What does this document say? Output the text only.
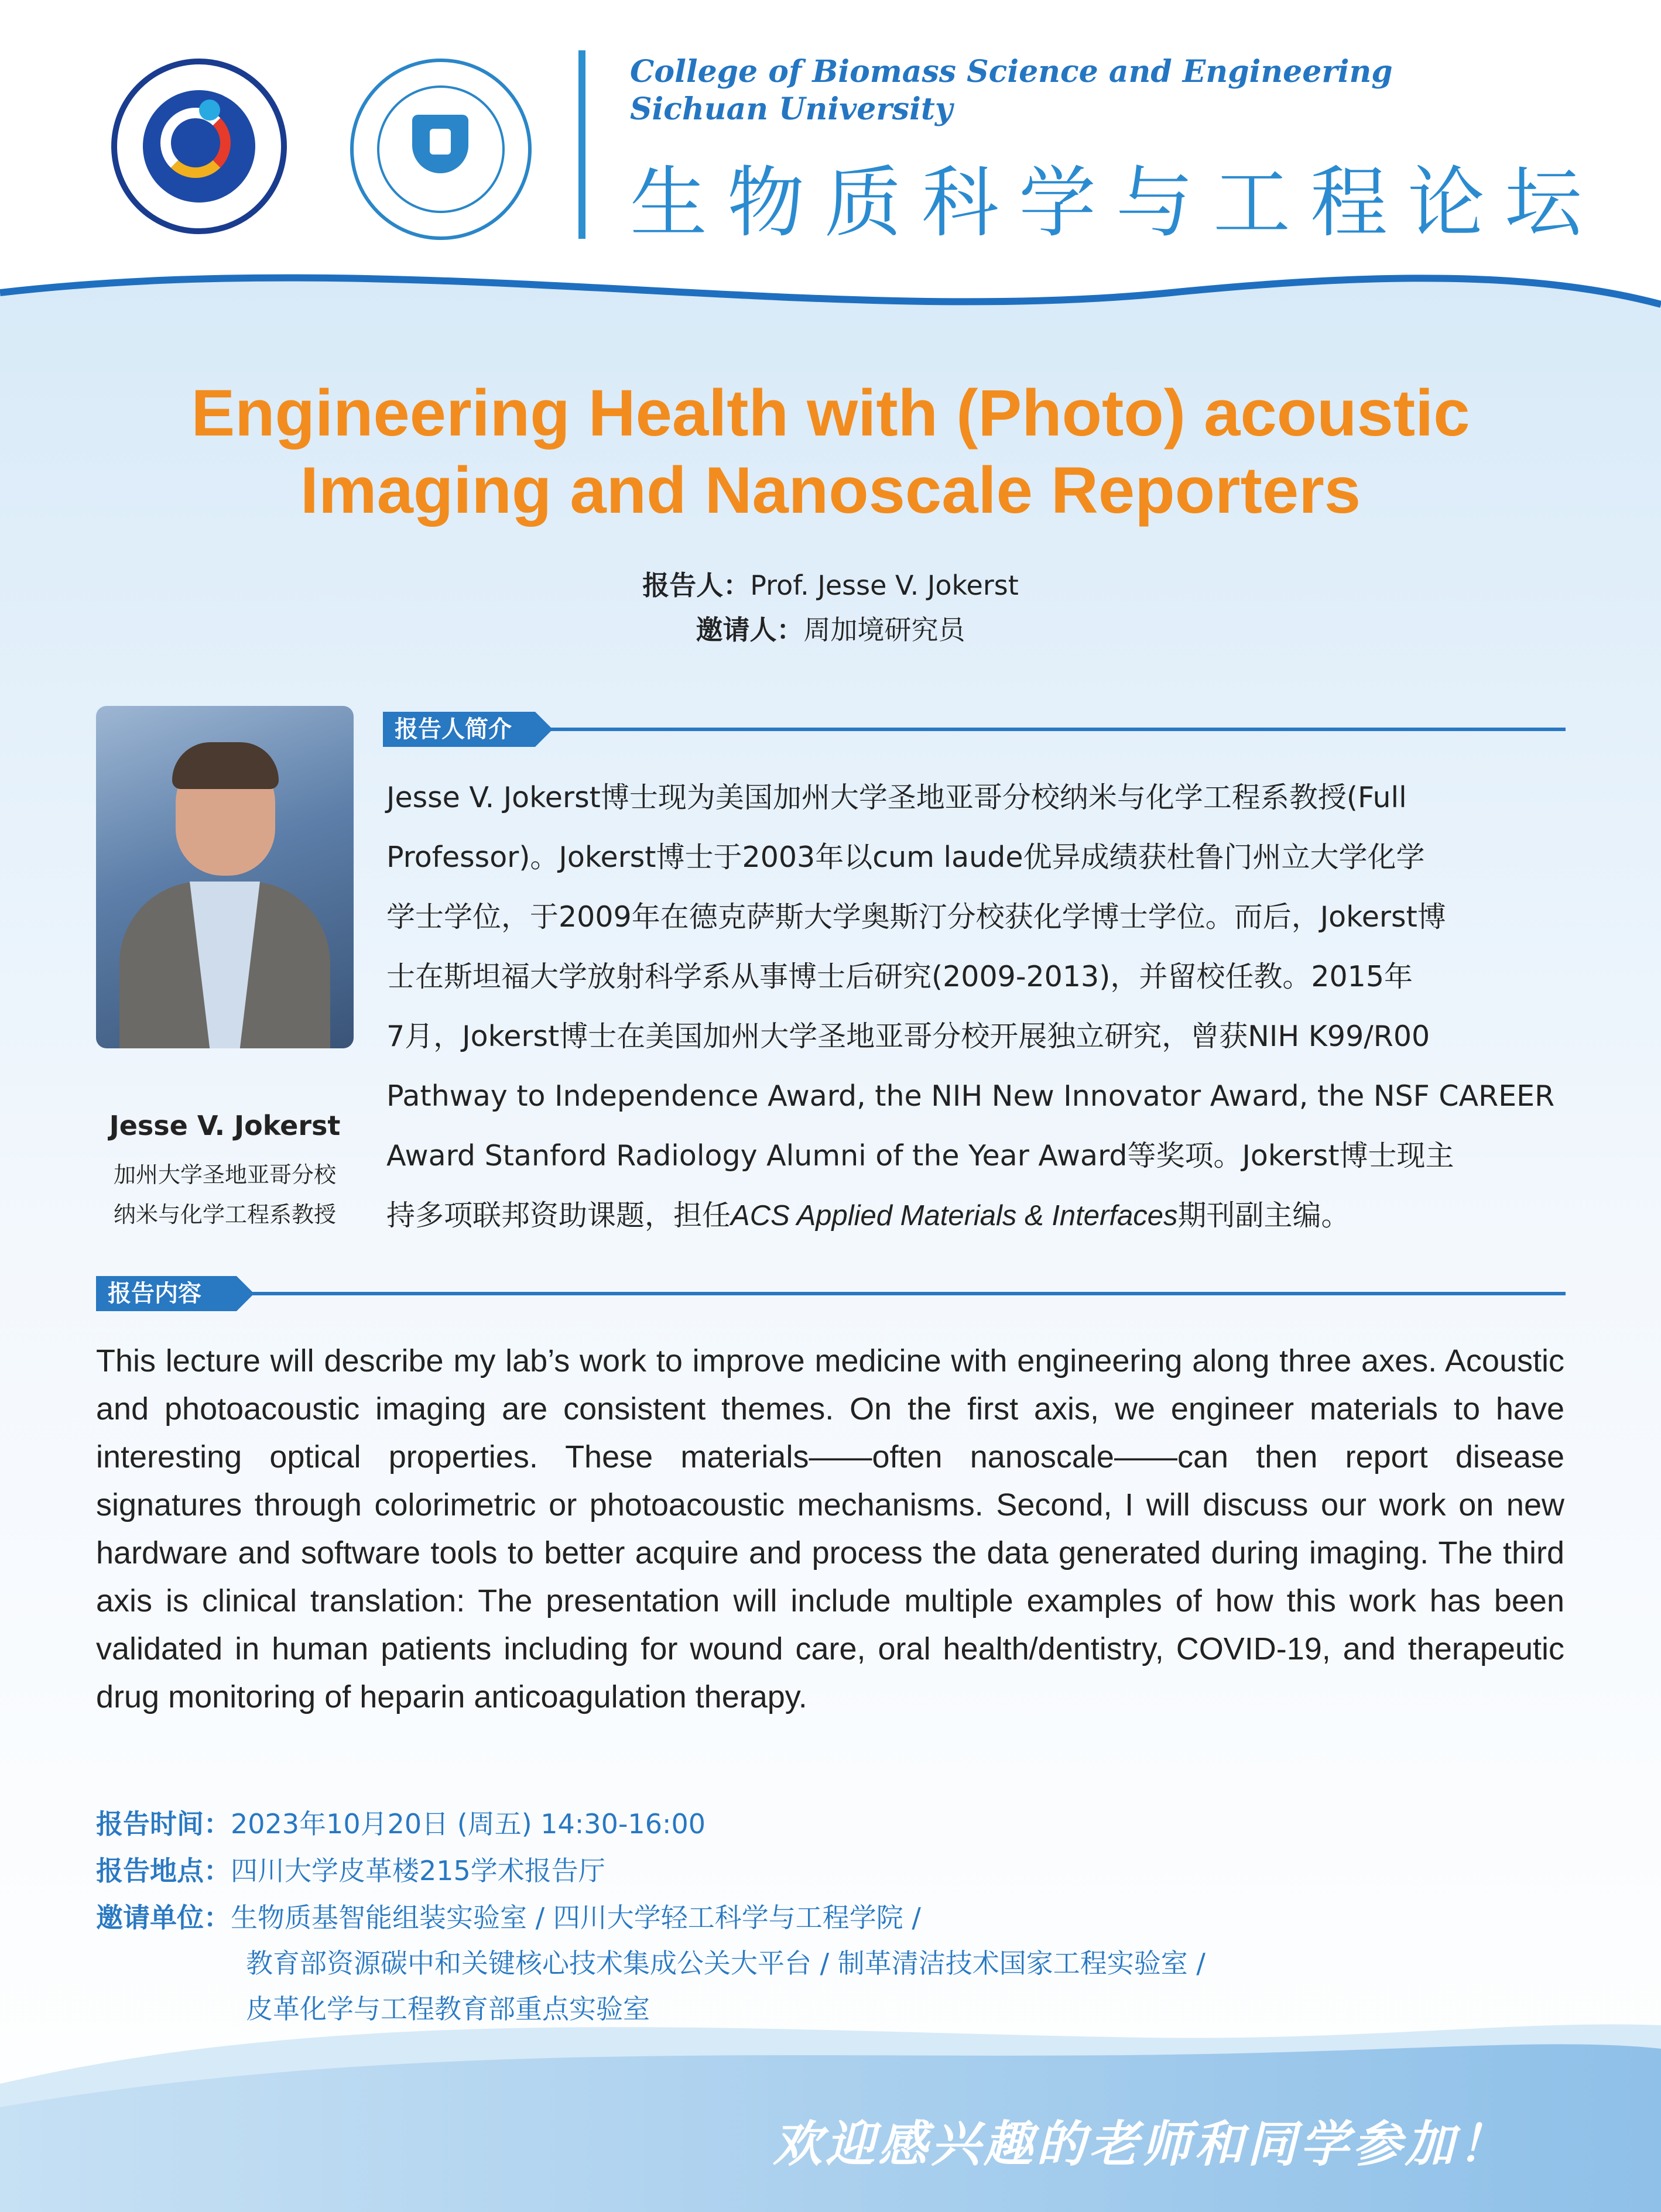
College of Biomass Science and Engineering
Sichuan University
生物质科学与工程论坛
Engineering Health with (Photo) acoustic
Imaging and Nanoscale Reporters
报告人：Prof. Jesse V. Jokerst
邀请人：周加境研究员
Jesse V. Jokerst
加州大学圣地亚哥分校
纳米与化学工程系教授
报告人简介

Jesse V. Jokerst博士现为美国加州大学圣地亚哥分校纳米与化学工程系教授(Full

Professor)。Jokerst博士于2003年以cum laude优异成绩获杜鲁门州立大学化学

学士学位，于2009年在德克萨斯大学奥斯汀分校获化学博士学位。而后，Jokerst博

士在斯坦福大学放射科学系从事博士后研究(2009-2013)，并留校任教。2015年

7月，Jokerst博士在美国加州大学圣地亚哥分校开展独立研究，曾获NIH K99/R00

Pathway to Independence Award, the NIH New Innovator Award, the NSF CAREER

Award Stanford Radiology Alumni of the Year Award等奖项。Jokerst博士现主

持多项联邦资助课题，担任ACS Applied Materials & Interfaces期刊副主编。

报告内容
This lecture will describe my lab’s work to improve medicine with engineering along three axes. Acoustic and photoacoustic imaging are consistent themes. On the first axis, we engineer materials to have interesting optical properties. These materials——often nanoscale——can then report disease signatures through colorimetric or photoacoustic mechanisms. Second, I will discuss our work on new hardware and software tools to better acquire and process the data generated during imaging. The third axis is clinical translation: The presentation will include multiple examples of how this work has been validated in human patients including for wound care, oral health/dentistry, COVID-19, and therapeutic drug monitoring of heparin anticoagulation therapy.
报告时间：2023年10月20日 (周五) 14:30-16:00
报告地点：四川大学皮革楼215学术报告厅
邀请单位：生物质基智能组装实验室 / 四川大学轻工科学与工程学院 /
教育部资源碳中和关键核心技术集成公关大平台 / 制革清洁技术国家工程实验室 /
皮革化学与工程教育部重点实验室
欢迎感兴趣的老师和同学参加！
